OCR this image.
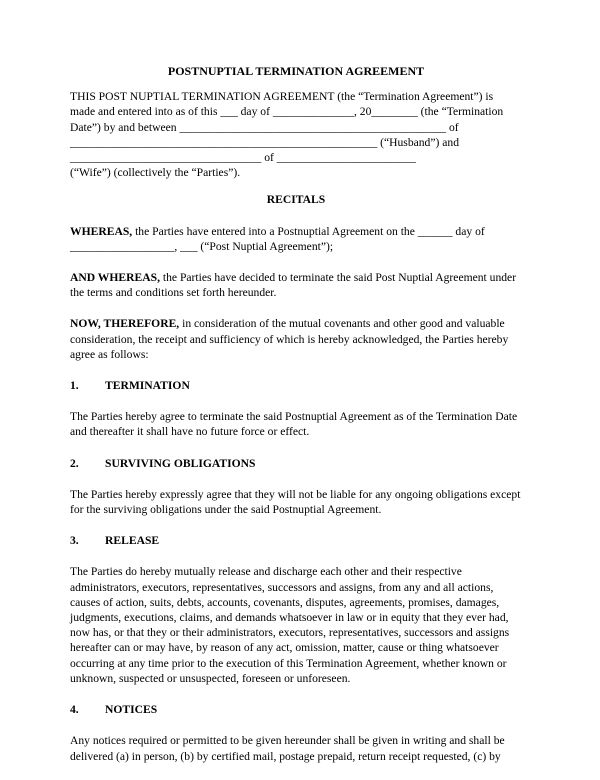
POSTNUPTIAL TERMINATION AGREEMENT
THIS POST NUPTIAL TERMINATION AGREEMENT (the “Termination Agreement”) is
made and entered into as of this ___ day of ______________, 20________ (the “Termination
Date”) by and between ______________________________________________ of
_____________________________________________________ (“Husband”) and
_________________________________ of ________________________
(“Wife”) (collectively the “Parties”).
RECITALS

WHEREAS, the Parties have entered into a Postnuptial Agreement on the ______ day of __________________, ___ (“Post Nuptial Agreement”);

AND WHEREAS, the Parties have decided to terminate the said Post Nuptial Agreement under the terms and conditions set forth hereunder.

NOW, THEREFORE, in consideration of the mutual covenants and other good and valuable consideration, the receipt and sufficiency of which is hereby acknowledged, the Parties hereby agree as follows:

1. TERMINATION

The Parties hereby agree to terminate the said Postnuptial Agreement as of the Termination Date and thereafter it shall have no future force or effect.

2. SURVIVING OBLIGATIONS

The Parties hereby expressly agree that they will not be liable for any ongoing obligations except for the surviving obligations under the said Postnuptial Agreement.

3. RELEASE

The Parties do hereby mutually release and discharge each other and their respective administrators, executors, representatives, successors and assigns, from any and all actions, causes of action, suits, debts, accounts, covenants, disputes, agreements, promises, damages, judgments, executions, claims, and demands whatsoever in law or in equity that they ever had, now has, or that they or their administrators, executors, representatives, successors and assigns hereafter can or may have, by reason of any act, omission, matter, cause or thing whatsoever occurring at any time prior to the execution of this Termination Agreement, whether known or unknown, suspected or unsuspected, foreseen or unforeseen.

4. NOTICES

Any notices required or permitted to be given hereunder shall be given in writing and shall be delivered (a) in person, (b) by certified mail, postage prepaid, return receipt requested, (c) by
